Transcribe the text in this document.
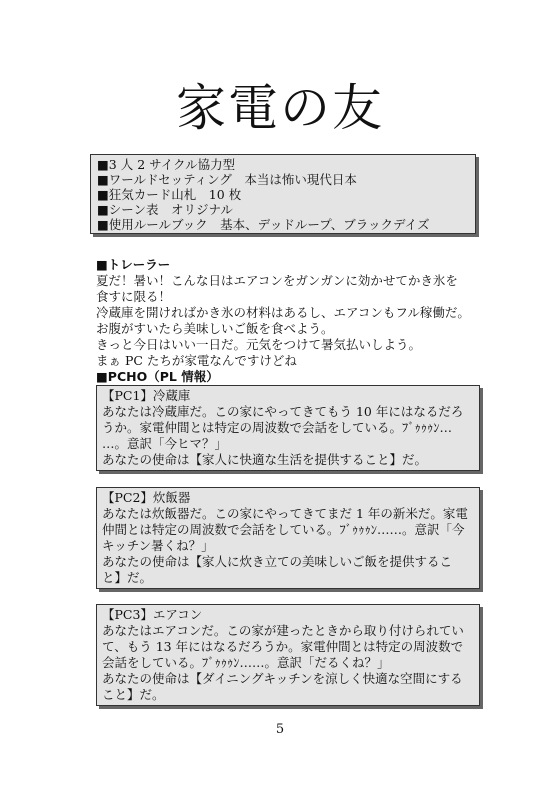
家電の友
■3 人 2 サイクル協力型
■ワールドセッティング　本当は怖い現代日本
■狂気カード山札　10 枚
■シーン表　オリジナル
■使用ルールブック　基本、デッドループ、ブラックデイズ
■トレーラー
夏だ！暑い！こんな日はエアコンをガンガンに効かせてかき氷を
食すに限る！
冷蔵庫を開ければかき氷の材料はあるし、エアコンもフル稼働だ。
お腹がすいたら美味しいご飯を食べよう。
きっと今日はいい一日だ。元気をつけて暑気払いしよう。
まぁ PC たちが家電なんですけどね
■PCHO（PL 情報）
【PC1】冷蔵庫
あなたは冷蔵庫だ。この家にやってきてもう 10 年にはなるだろ
うか。家電仲間とは特定の周波数で会話をしている。ﾌﾞｩｩｩﾝ…
…。意訳「今ヒマ？」
あなたの使命は【家人に快適な生活を提供すること】だ。
【PC2】炊飯器
あなたは炊飯器だ。この家にやってきてまだ 1 年の新米だ。家電
仲間とは特定の周波数で会話をしている。ﾌﾞｩｩｩﾝ……。意訳「今
キッチン暑くね？」
あなたの使命は【家人に炊き立ての美味しいご飯を提供するこ
と】だ。
【PC3】エアコン
あなたはエアコンだ。この家が建ったときから取り付けられてい
て、もう 13 年にはなるだろうか。家電仲間とは特定の周波数で
会話をしている。ﾌﾞｩｩｩﾝ……。意訳「だるくね？」
あなたの使命は【ダイニングキッチンを涼しく快適な空間にする
こと】だ。
5
